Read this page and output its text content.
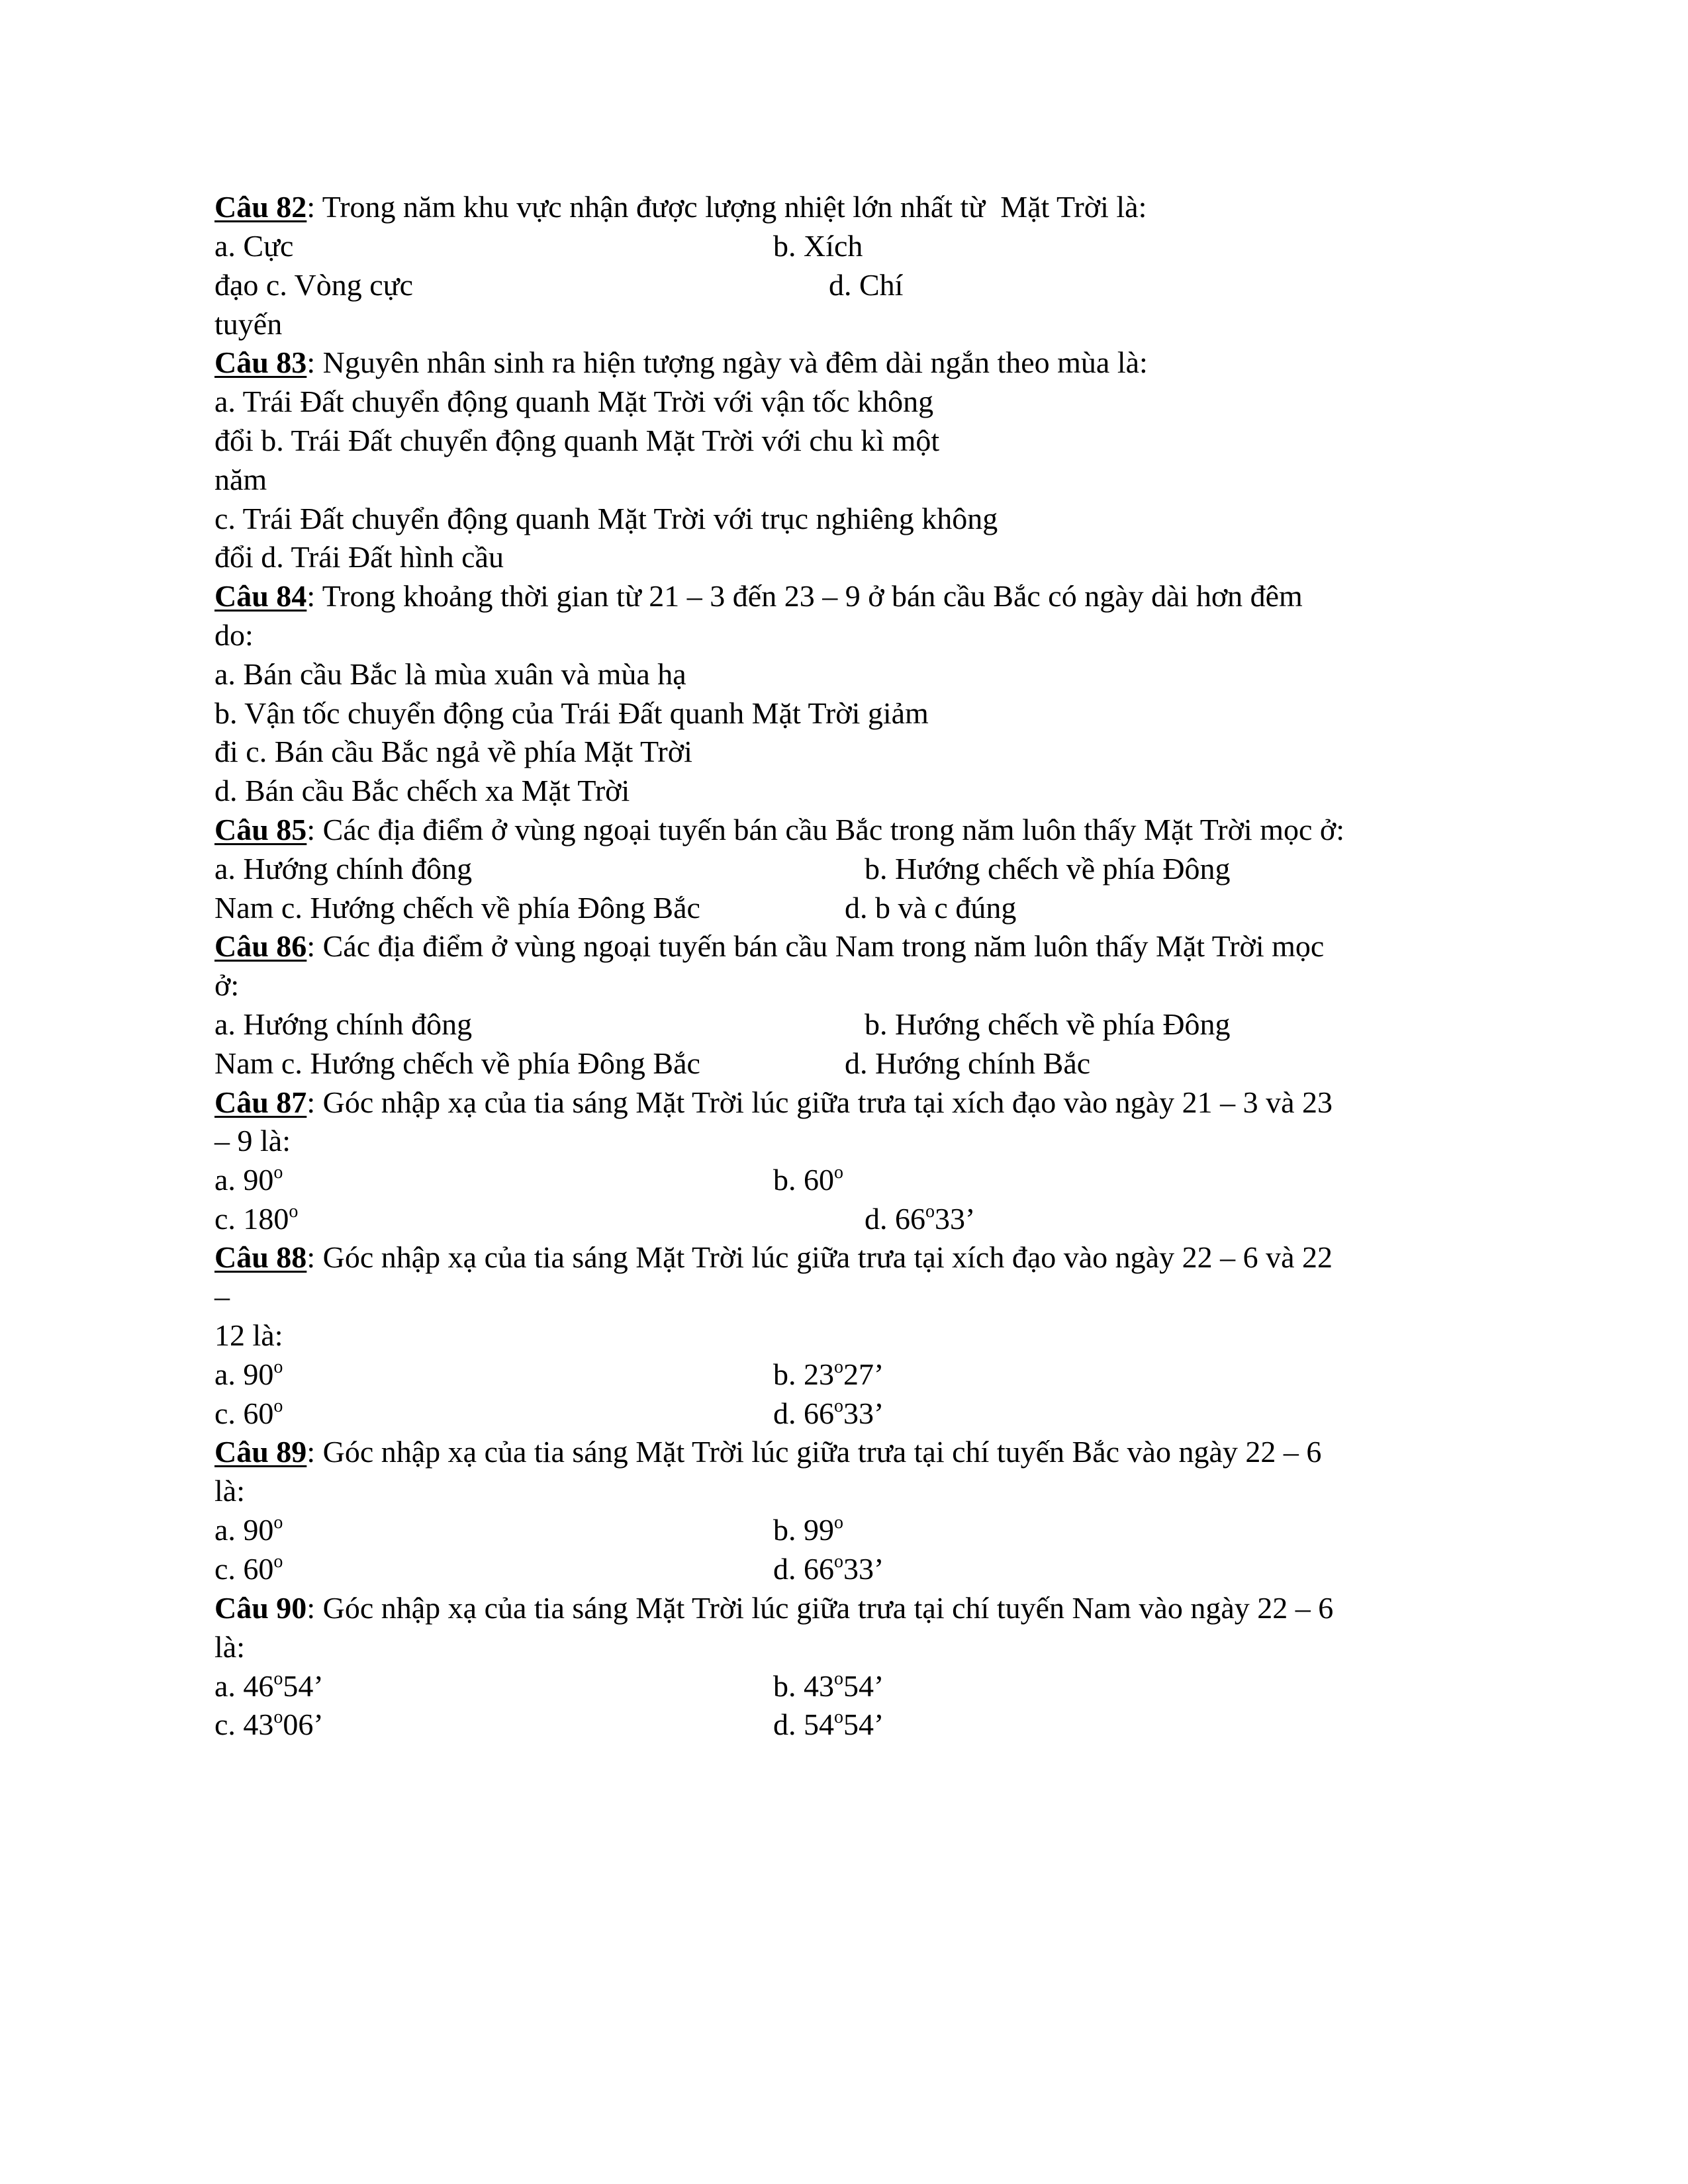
Câu 82: Trong năm khu vực nhận được lượng nhiệt lớn nhất từ  Mặt Trời là:
a. Cực	b. Xích
đạo c. Vòng cực	d. Chí
tuyến
Câu 83: Nguyên nhân sinh ra hiện tượng ngày và đêm dài ngắn theo mùa là:
a. Trái Đất chuyển động quanh Mặt Trời với vận tốc không
đổi b. Trái Đất chuyển động quanh Mặt Trời với chu kì một
năm
c. Trái Đất chuyển động quanh Mặt Trời với trục nghiêng không
đổi d. Trái Đất hình cầu
Câu 84: Trong khoảng thời gian từ 21 – 3 đến 23 – 9 ở bán cầu Bắc có ngày dài hơn đêm
do:
a. Bán cầu Bắc là mùa xuân và mùa hạ
b. Vận tốc chuyển động của Trái Đất quanh Mặt Trời giảm
đi c. Bán cầu Bắc ngả về phía Mặt Trời
d. Bán cầu Bắc chếch xa Mặt Trời
Câu 85: Các địa điểm ở vùng ngoại tuyến bán cầu Bắc trong năm luôn thấy Mặt Trời mọc ở:
a. Hướng chính đông	b. Hướng chếch về phía Đông
Nam c. Hướng chếch về phía Đông Bắc	d. b và c đúng
Câu 86: Các địa điểm ở vùng ngoại tuyến bán cầu Nam trong năm luôn thấy Mặt Trời mọc
ở:
a. Hướng chính đông	b. Hướng chếch về phía Đông
Nam c. Hướng chếch về phía Đông Bắc	d. Hướng chính Bắc
Câu 87: Góc nhập xạ của tia sáng Mặt Trời lúc giữa trưa tại xích đạo vào ngày 21 – 3 và 23
– 9 là:
a. 90$^o$	b. 60$^o$
c. 180$^o$	d. 66$^o$33’
Câu 88: Góc nhập xạ của tia sáng Mặt Trời lúc giữa trưa tại xích đạo vào ngày 22 – 6 và 22
–
12 là:
a. 90$^o$	b. 23$^o$27’
c. 60$^o$	d. 66$^o$33’
Câu 89: Góc nhập xạ của tia sáng Mặt Trời lúc giữa trưa tại chí tuyến Bắc vào ngày 22 – 6
là:
a. 90$^o$	b. 99$^o$
c. 60$^o$	d. 66$^o$33’
Câu 90: Góc nhập xạ của tia sáng Mặt Trời lúc giữa trưa tại chí tuyến Nam vào ngày 22 – 6
là:
a. 46$^o$54’	b. 43$^o$54’
c. 43$^o$06’	d. 54$^o$54’
